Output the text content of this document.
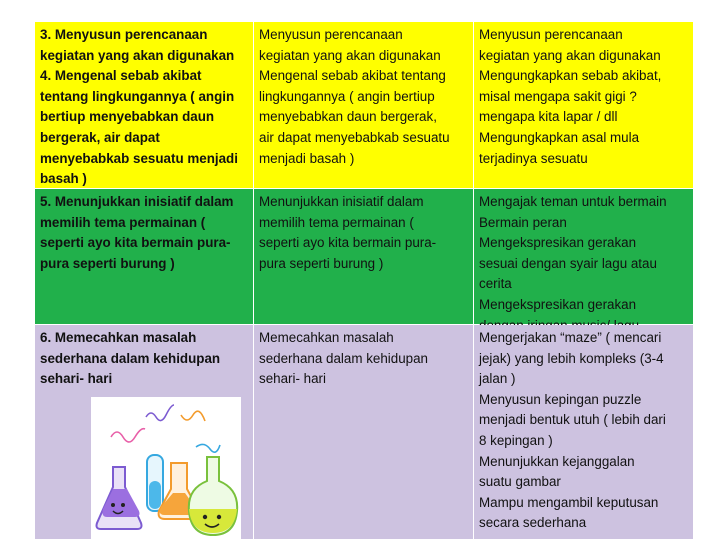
3. Menyusun perencanaan
kegiatan yang akan digunakan
4. Mengenal sebab akibat
tentang lingkungannya ( angin
bertiup menyebabkan daun
bergerak, air dapat
menyebabkab sesuatu menjadi
basah )
Menyusun perencanaan
kegiatan yang akan digunakan
Mengenal sebab akibat tentang
lingkungannya ( angin bertiup
menyebabkan daun bergerak,
air dapat menyebabkab sesuatu
menjadi basah )
Menyusun perencanaan
kegiatan yang akan digunakan
Mengungkapkan sebab akibat,
misal mengapa sakit gigi ?
mengapa kita lapar / dll
Mengungkapkan asal mula
terjadinya sesuatu
5. Menunjukkan inisiatif dalam
memilih tema permainan (
seperti ayo kita bermain pura-
pura seperti burung )
Menunjukkan inisiatif dalam
memilih tema permainan (
seperti ayo kita bermain pura-
pura seperti burung )
Mengajak teman untuk bermain
Bermain peran
Mengekspresikan gerakan
sesuai dengan syair lagu atau
cerita
Mengekspresikan gerakan
6. Memecahkan masalah
sederhana dalam kehidupan
sehari- hari
Memecahkan masalah
sederhana dalam kehidupan
sehari- hari
Mengerjakan “maze” ( mencari
jejak) yang lebih kompleks (3-4
jalan )
Menyusun kepingan puzzle
menjadi bentuk utuh ( lebih dari
8 kepingan )
Menunjukkan kejanggalan
suatu gambar
Mampu mengambil keputusan
secara sederhana
